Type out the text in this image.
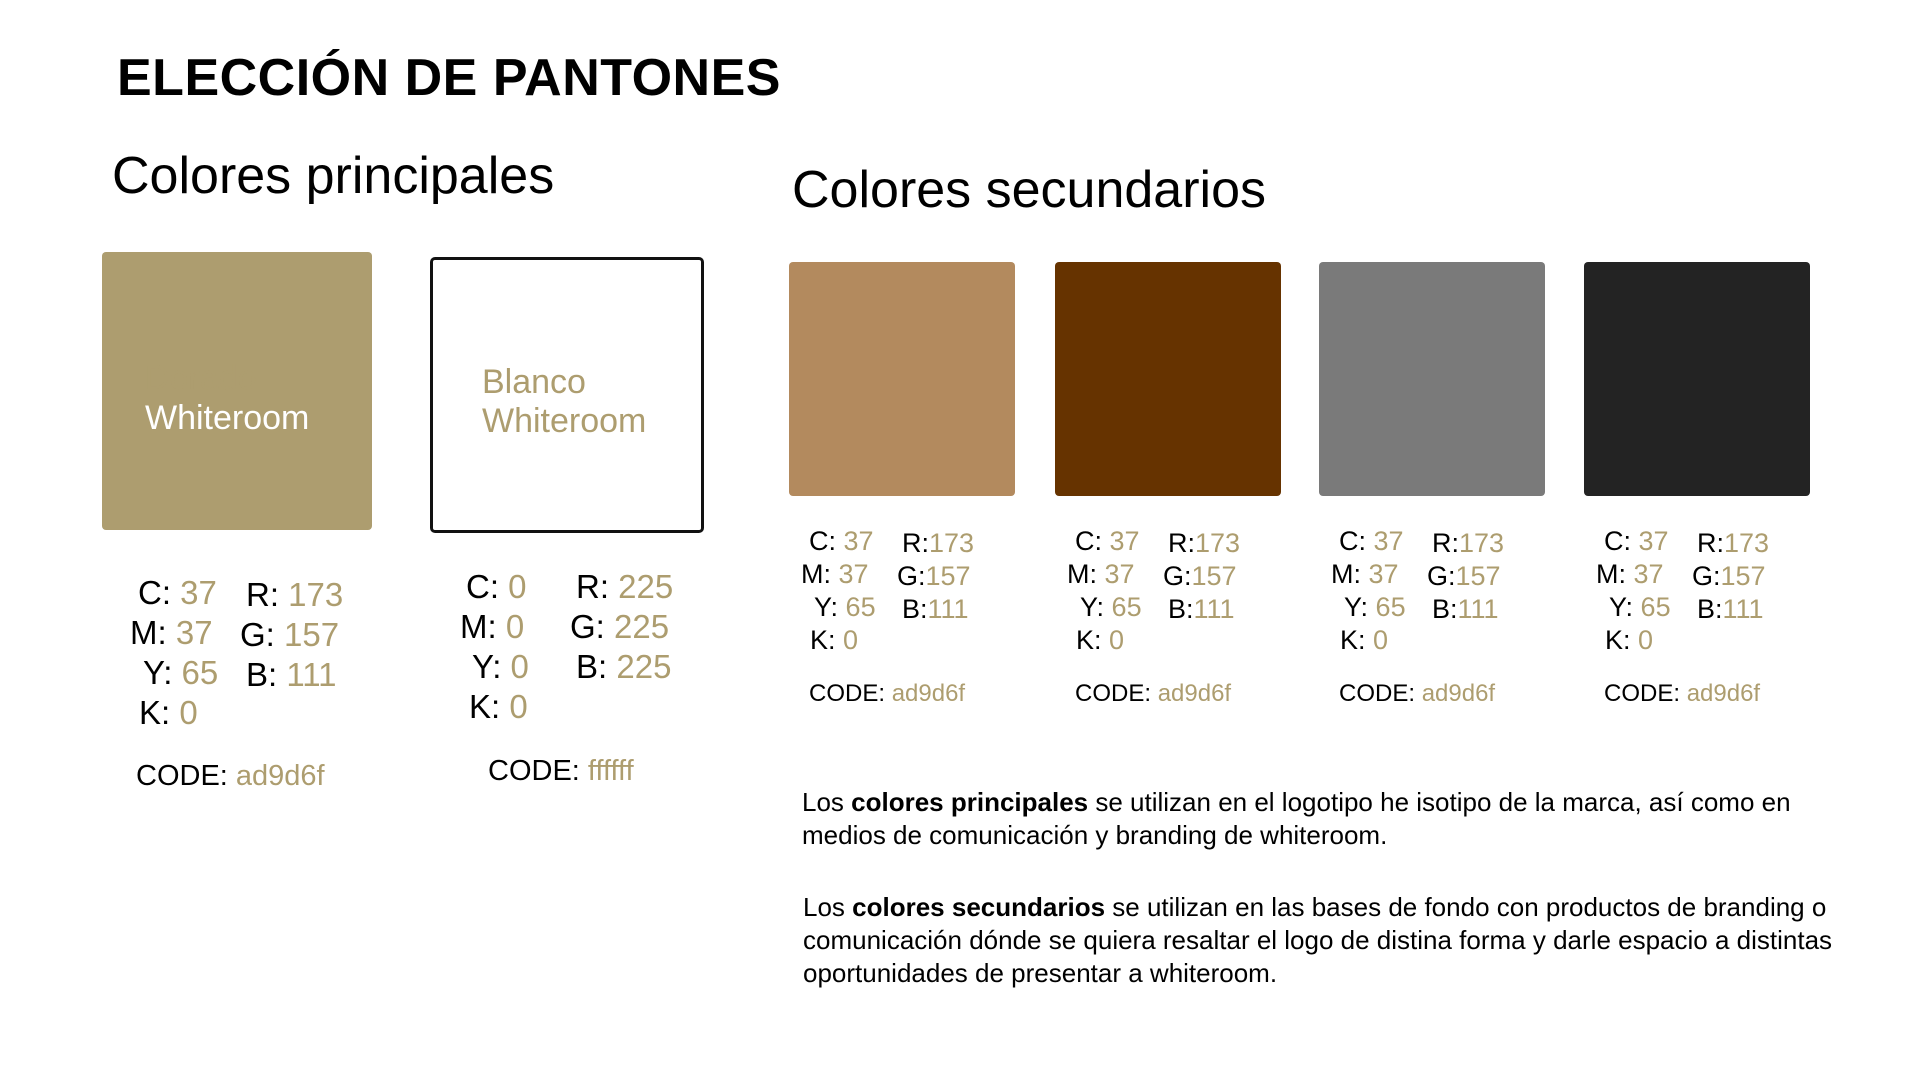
ELECCIÓN DE PANTONES
Colores principales	Colores secundarios
Dorado
Whiteroom
Blanco
Whiteroom
C: 37
M: 37
Y: 65
K: 0
R: 173
G: 157
B: 111
CODE: ad9d6f
C: 0
M: 0
Y: 0
K: 0
R: 225
G: 225
B: 225
CODE: ffffff
C: 37
M: 37
Y: 65
K: 0
R:173
G:157
B:111
CODE: ad9d6f
C: 37
M: 37
Y: 65
K: 0
R:173
G:157
B:111
CODE: ad9d6f
C: 37
M: 37
Y: 65
K: 0
R:173
G:157
B:111
CODE: ad9d6f
C: 37
M: 37
Y: 65
K: 0
R:173
G:157
B:111
CODE: ad9d6f
Los colores principales se utilizan en el logotipo he isotipo de la marca, así como en medios de comunicación y branding de whiteroom.
Los colores secundarios se utilizan en las bases de fondo con productos de branding o comunicación dónde se quiera resaltar el logo de distina forma y darle espacio a distintas oportunidades de presentar a whiteroom.
